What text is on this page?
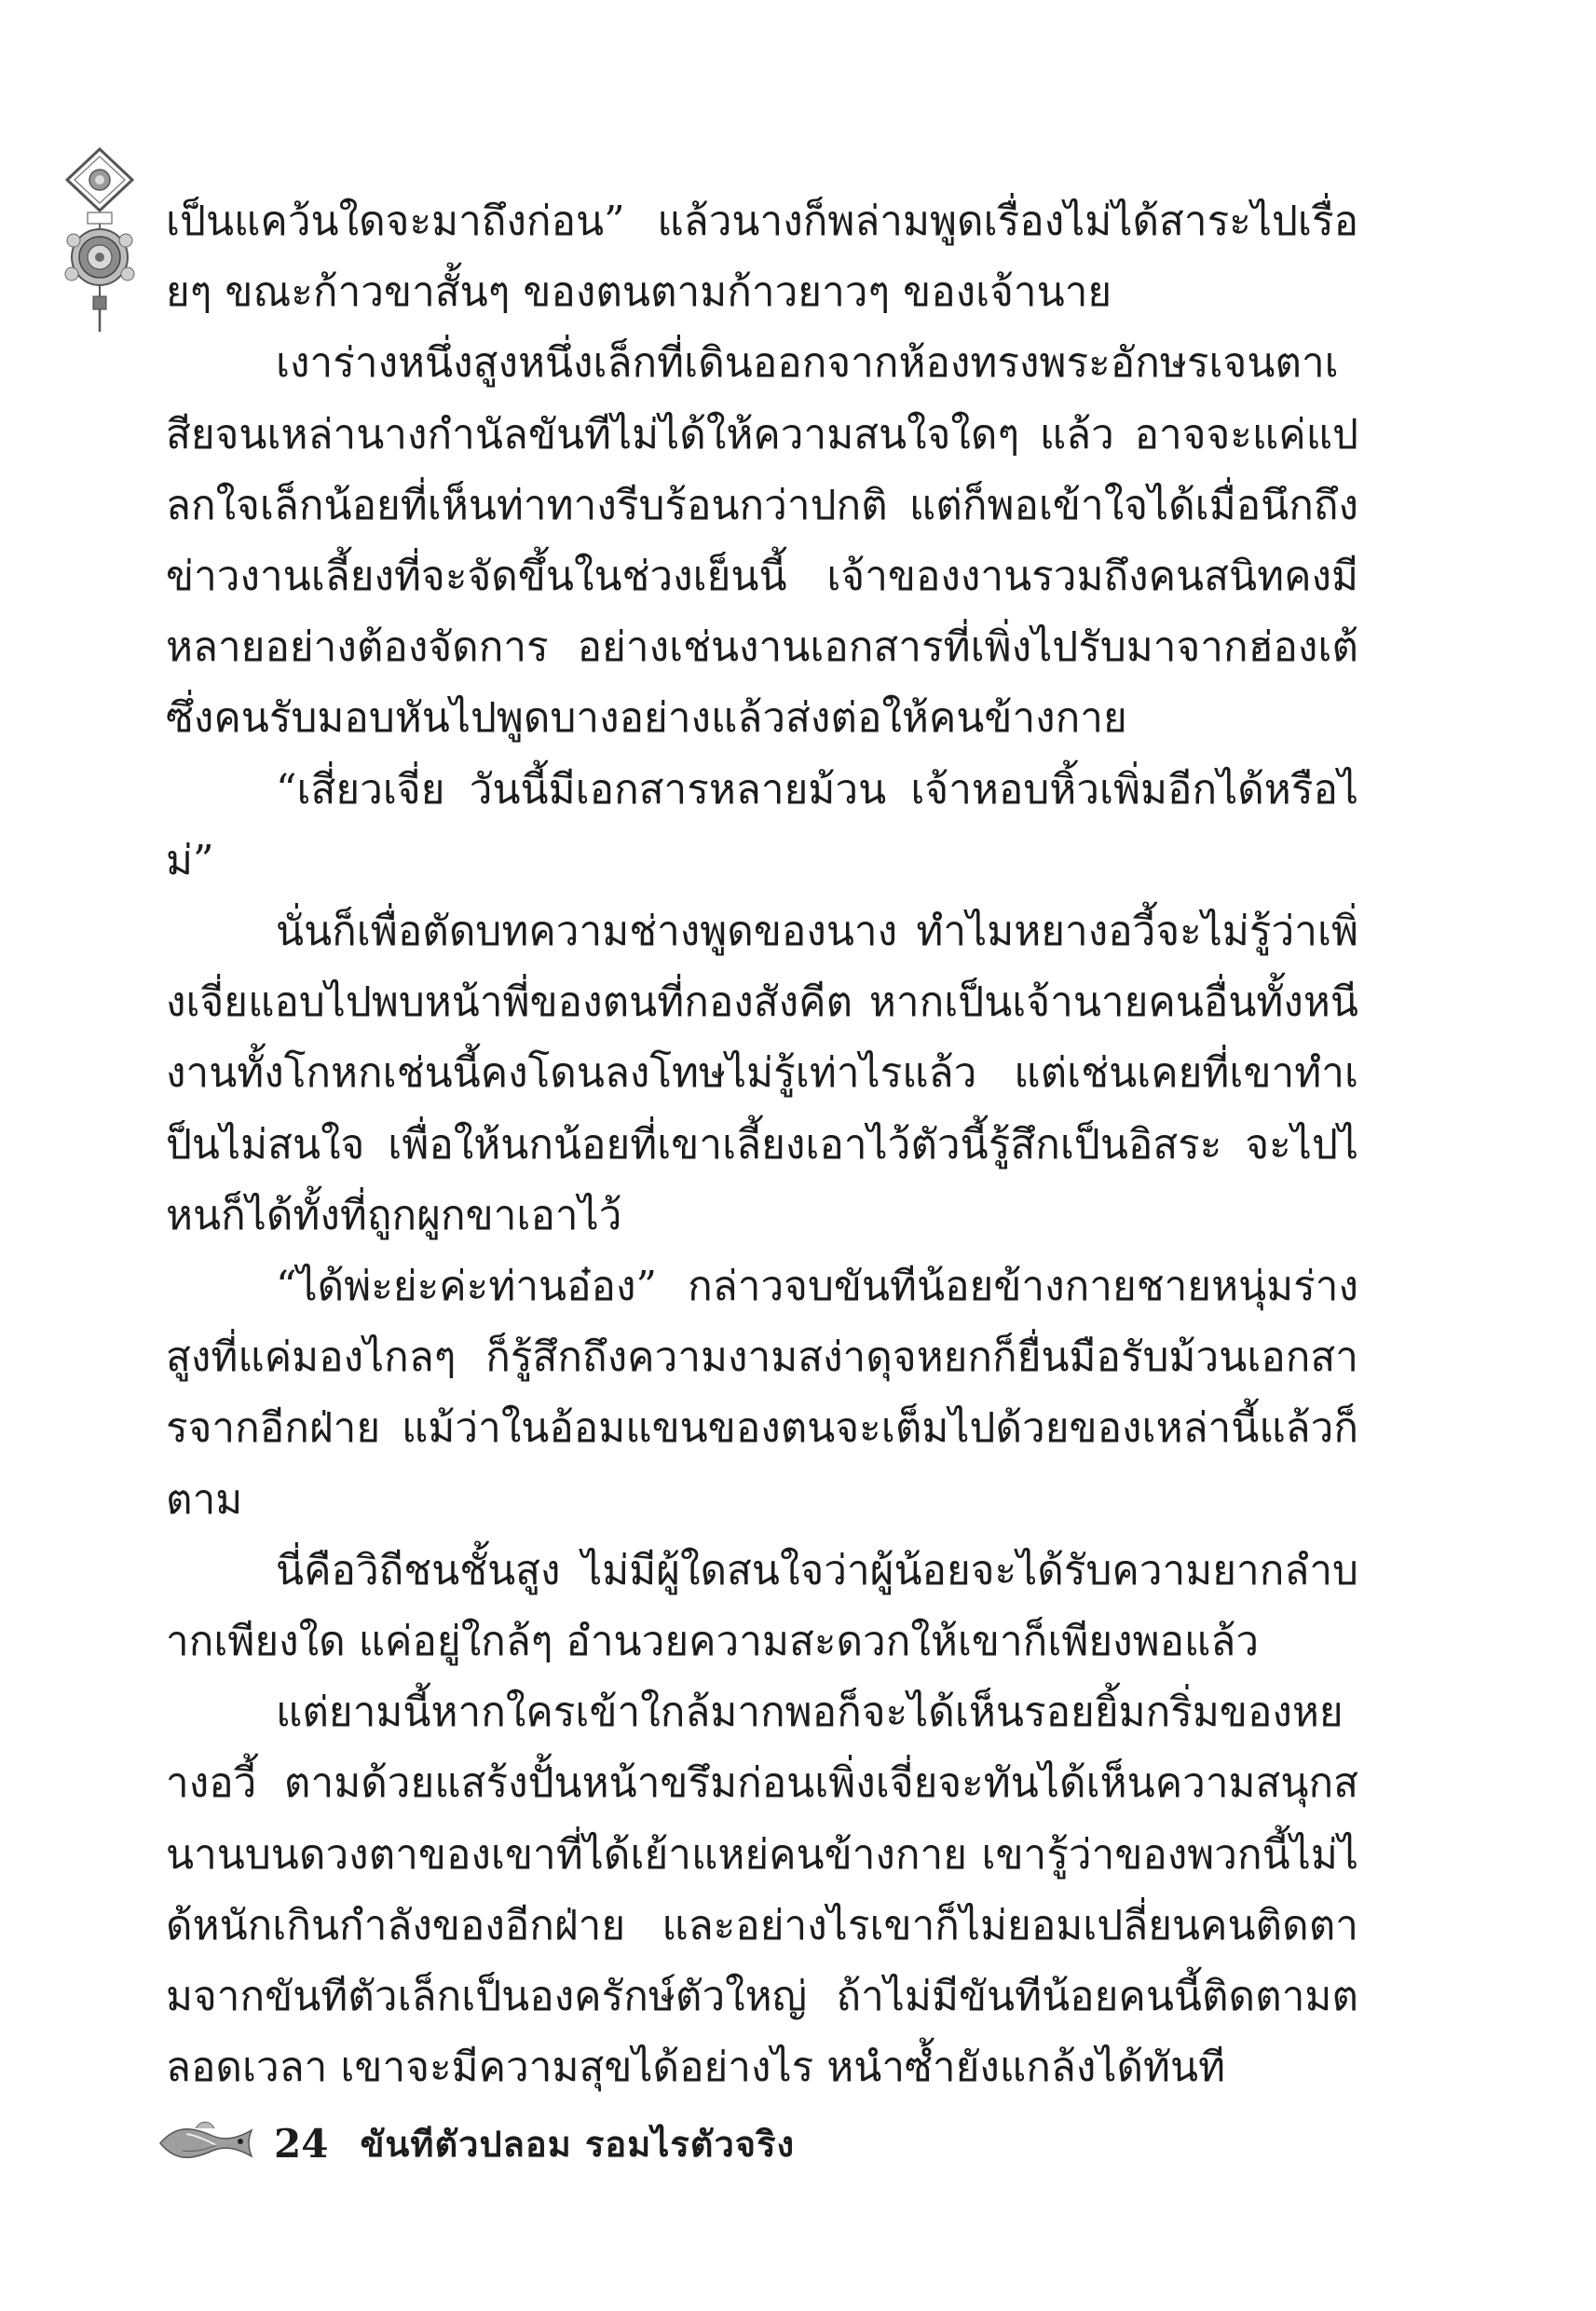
เป็นแคว้นใดจะมาถึงก่อน” แล้วนางก็พล่ามพูดเรื่องไม่ได้สาระไปเรื่อยๆ ขณะก้าวขาสั้นๆ ของตนตามก้าวยาวๆ ของเจ้านาย

เงาร่างหนึ่งสูงหนึ่งเล็กที่เดินออกจากห้องทรงพระอักษรเจนตาเสียจนเหล่านางกำนัลขันทีไม่ได้ให้ความสนใจใดๆ แล้ว อาจจะแค่แปลกใจเล็กน้อยที่เห็นท่าทางรีบร้อนกว่าปกติ แต่ก็พอเข้าใจได้เมื่อนึกถึงข่าวงานเลี้ยงที่จะจัดขึ้นในช่วงเย็นนี้ เจ้าของงานรวมถึงคนสนิทคงมีหลายอย่างต้องจัดการ อย่างเช่นงานเอกสารที่เพิ่งไปรับมาจากฮ่องเต้ ซึ่งคนรับมอบหันไปพูดบางอย่างแล้วส่งต่อให้คนข้างกาย

“เสี่ยวเจี่ย วันนี้มีเอกสารหลายม้วน เจ้าหอบหิ้วเพิ่มอีกได้หรือไม่”

นั่นก็เพื่อตัดบทความช่างพูดของนาง ทำไมหยางอวี้จะไม่รู้ว่าเพิ่งเจี่ยแอบไปพบหน้าพี่ของตนที่กองสังคีต หากเป็นเจ้านายคนอื่นทั้งหนีงานทั้งโกหกเช่นนี้คงโดนลงโทษไม่รู้เท่าไรแล้ว แต่เช่นเคยที่เขาทำเป็นไม่สนใจ เพื่อให้นกน้อยที่เขาเลี้ยงเอาไว้ตัวนี้รู้สึกเป็นอิสระ จะไปไหนก็ได้ทั้งที่ถูกผูกขาเอาไว้

“ได้พ่ะย่ะค่ะท่านอ๋อง” กล่าวจบขันทีน้อยข้างกายชายหนุ่มร่างสูงที่แค่มองไกลๆ ก็รู้สึกถึงความงามสง่าดุจหยกก็ยื่นมือรับม้วนเอกสารจากอีกฝ่าย แม้ว่าในอ้อมแขนของตนจะเต็มไปด้วยของเหล่านี้แล้วก็ตาม

นี่คือวิถีชนชั้นสูง ไม่มีผู้ใดสนใจว่าผู้น้อยจะได้รับความยากลำบากเพียงใด แค่อยู่ใกล้ๆ อำนวยความสะดวกให้เขาก็เพียงพอแล้ว

แต่ยามนี้หากใครเข้าใกล้มากพอก็จะได้เห็นรอยยิ้มกริ่มของหยางอวี้ ตามด้วยแสร้งปั้นหน้าขรึมก่อนเพิ่งเจี่ยจะทันได้เห็นความสนุกสนานบนดวงตาของเขาที่ได้เย้าแหย่คนข้างกาย เขารู้ว่าของพวกนี้ไม่ได้หนักเกินกำลังของอีกฝ่าย และอย่างไรเขาก็ไม่ยอมเปลี่ยนคนติดตามจากขันทีตัวเล็กเป็นองครักษ์ตัวใหญ่ ถ้าไม่มีขันทีน้อยคนนี้ติดตามตลอดเวลา เขาจะมีความสุขได้อย่างไร หนำซ้ำยังแกล้งได้ทันที

24 ขันทีตัวปลอม รอมไรตัวจริง
